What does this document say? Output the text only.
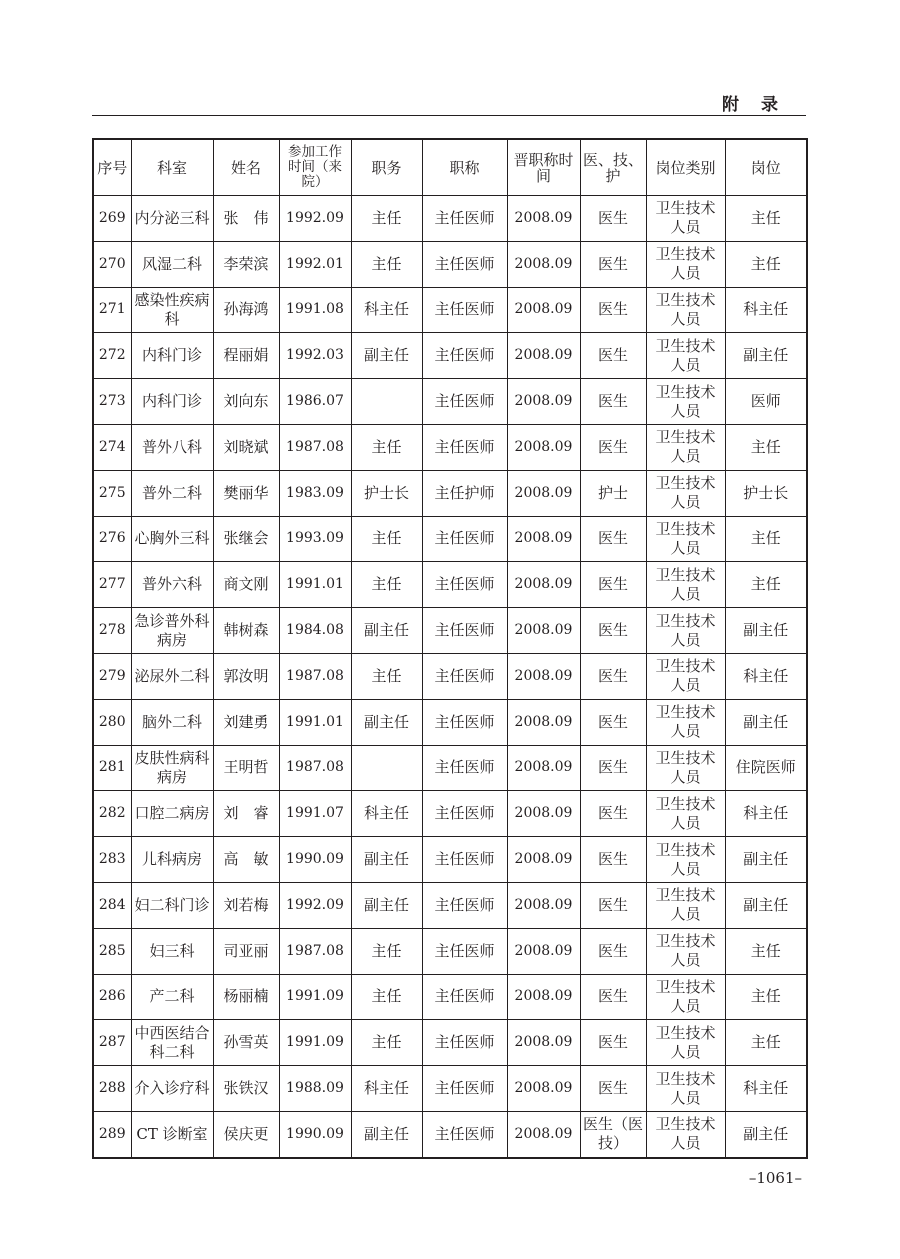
附录
序号	科室	姓名	参加工作时间（来院）	职务	职称	晋职称时间	医、技、护	岗位类别	岗位
269	内分泌三科	张　伟	1992.09	主任	主任医师	2008.09	医生	卫生技术人员	主任
270	风湿二科	李荣滨	1992.01	主任	主任医师	2008.09	医生	卫生技术人员	主任
271	感染性疾病科	孙海鸿	1991.08	科主任	主任医师	2008.09	医生	卫生技术人员	科主任
272	内科门诊	程丽娟	1992.03	副主任	主任医师	2008.09	医生	卫生技术人员	副主任
273	内科门诊	刘向东	1986.07		主任医师	2008.09	医生	卫生技术人员	医师
274	普外八科	刘晓斌	1987.08	主任	主任医师	2008.09	医生	卫生技术人员	主任
275	普外二科	樊丽华	1983.09	护士长	主任护师	2008.09	护士	卫生技术人员	护士长
276	心胸外三科	张继会	1993.09	主任	主任医师	2008.09	医生	卫生技术人员	主任
277	普外六科	商文刚	1991.01	主任	主任医师	2008.09	医生	卫生技术人员	主任
278	急诊普外科病房	韩树森	1984.08	副主任	主任医师	2008.09	医生	卫生技术人员	副主任
279	泌尿外二科	郭汝明	1987.08	主任	主任医师	2008.09	医生	卫生技术人员	科主任
280	脑外二科	刘建勇	1991.01	副主任	主任医师	2008.09	医生	卫生技术人员	副主任
281	皮肤性病科病房	王明哲	1987.08		主任医师	2008.09	医生	卫生技术人员	住院医师
282	口腔二病房	刘　睿	1991.07	科主任	主任医师	2008.09	医生	卫生技术人员	科主任
283	儿科病房	高　敏	1990.09	副主任	主任医师	2008.09	医生	卫生技术人员	副主任
284	妇二科门诊	刘若梅	1992.09	副主任	主任医师	2008.09	医生	卫生技术人员	副主任
285	妇三科	司亚丽	1987.08	主任	主任医师	2008.09	医生	卫生技术人员	主任
286	产二科	杨丽楠	1991.09	主任	主任医师	2008.09	医生	卫生技术人员	主任
287	中西医结合科二科	孙雪英	1991.09	主任	主任医师	2008.09	医生	卫生技术人员	主任
288	介入诊疗科	张铁汉	1988.09	科主任	主任医师	2008.09	医生	卫生技术人员	科主任
289	CT 诊断室	侯庆更	1990.09	副主任	主任医师	2008.09	医生（医技）	卫生技术人员	副主任
–1061–
